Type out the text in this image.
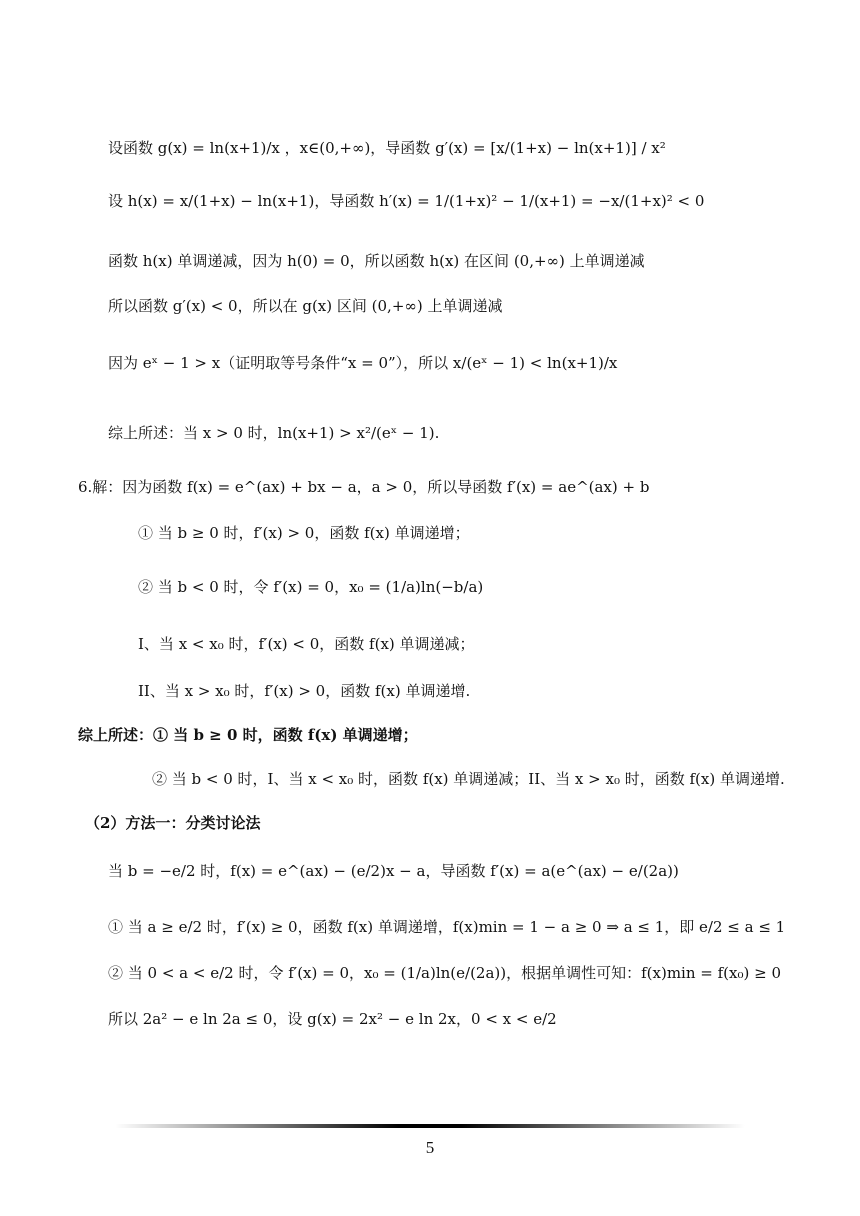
设函数 g(x) = ln(x+1)/x ，x∈(0,+∞)，导函数 g′(x) = [x/(1+x) − ln(x+1)] / x²
设 h(x) = x/(1+x) − ln(x+1)，导函数 h′(x) = 1/(1+x)² − 1/(x+1) = −x/(1+x)² < 0
函数 h(x) 单调递减，因为 h(0) = 0，所以函数 h(x) 在区间 (0,+∞) 上单调递减
所以函数 g′(x) < 0，所以在 g(x) 区间 (0,+∞) 上单调递减
因为 eˣ − 1 > x（证明取等号条件“x = 0”），所以 x/(eˣ − 1) < ln(x+1)/x
综上所述：当 x > 0 时，ln(x+1) > x²/(eˣ − 1).
6.解：因为函数 f(x) = e^(ax) + bx − a，a > 0，所以导函数 f′(x) = ae^(ax) + b
① 当 b ≥ 0 时，f′(x) > 0，函数 f(x) 单调递增；
② 当 b < 0 时，令 f′(x) = 0，x₀ = (1/a)ln(−b/a)
I、当 x < x₀ 时，f′(x) < 0，函数 f(x) 单调递减；
II、当 x > x₀ 时，f′(x) > 0，函数 f(x) 单调递增.
综上所述：① 当 b ≥ 0 时，函数 f(x) 单调递增；
② 当 b < 0 时，I、当 x < x₀ 时，函数 f(x) 单调递减；II、当 x > x₀ 时，函数 f(x) 单调递增.
（2）方法一：分类讨论法
当 b = −e/2 时，f(x) = e^(ax) − (e/2)x − a，导函数 f′(x) = a(e^(ax) − e/(2a))
① 当 a ≥ e/2 时，f′(x) ≥ 0，函数 f(x) 单调递增，f(x)min = 1 − a ≥ 0 ⇒ a ≤ 1，即 e/2 ≤ a ≤ 1
② 当 0 < a < e/2 时，令 f′(x) = 0，x₀ = (1/a)ln(e/(2a))，根据单调性可知：f(x)min = f(x₀) ≥ 0
所以 2a² − e ln 2a ≤ 0，设 g(x) = 2x² − e ln 2x，0 < x < e/2
5
